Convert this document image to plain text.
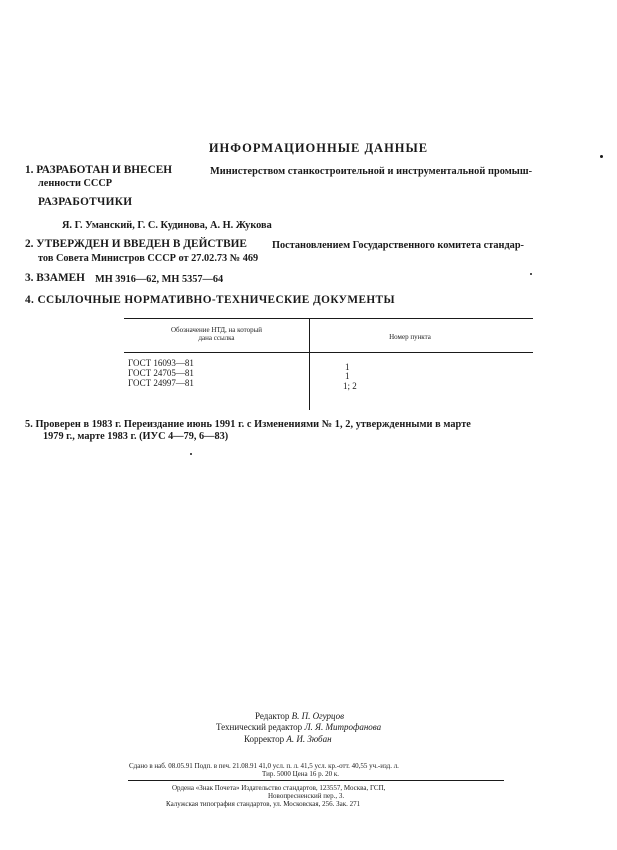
ИНФОРМАЦИОННЫЕ ДАННЫЕ
1. РАЗРАБОТАН И ВНЕСЕН	Министерством станкостроительной и инструментальной промыш-
ленности СССР
РАЗРАБОТЧИКИ
Я. Г. Уманский, Г. С. Кудинова, А. Н. Жукова
2. УТВЕРЖДЕН И ВВЕДЕН В ДЕЙСТВИЕ Постановлением Государственного комитета стандар-
тов Совета Министров СССР от 27.02.73 № 469
3. ВЗАМЕН МН 3916—62, МН 5357—64
4. ССЫЛОЧНЫЕ НОРМАТИВНО-ТЕХНИЧЕСКИЕ ДОКУМЕНТЫ
Обозначение НТД, на который
дана ссылка	Номер пункта
ГОСТ 16093—81	1
ГОСТ 24705—81	1
ГОСТ 24997—81	1; 2
5. Проверен в 1983 г. Переиздание июнь 1991 г. с Изменениями № 1, 2, утвержденными в марте
1979 г., марте 1983 г. (ИУС 4—79, 6—83)
Редактор В. П. Огурцов
Технический редактор Л. Я. Митрофанова
Корректор А. И. Зюбан
Сдано в наб. 08.05.91 Подп. в печ. 21.08.91 41,0 усл. п. л. 41,5 усл. кр.-отт. 40,55 уч.-изд. л.
Тир. 5000 Цена 16 р. 20 к.
Ордена «Знак Почета» Издательство стандартов, 123557, Москва, ГСП,
Новопресненский пер., 3.
Калужская типография стандартов, ул. Московская, 256. Зак. 271
